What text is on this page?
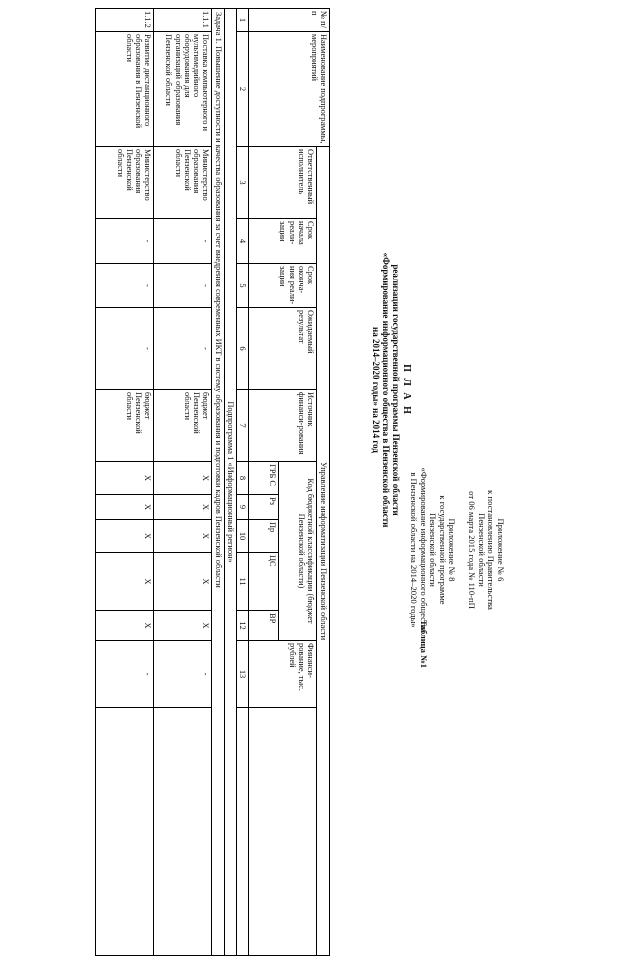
Приложение № 6
к постановлению Правительства
Пензенской области
от 06 марта 2015 года № 110-пП
Приложение № 8
к государственной программе
Пензенской области
«Формирование информационного общества
в Пензенской области на 2014–2020 годы»
Таблица №1
П Л А Н
реализации государственной программы Пензенской области
«Формирование информационного общества в Пензенской области
на 2014–2020 годы» на 2014 год
№ п/п	Наименование подпрограммы, мероприятий	Управление информатизации Пензенской области											
		Ответственный исполнитель	Срок начала реали-зации	Срок оконча-ния реали-зации	Ожидаемый результат	Источник финанси-рования	Код бюджетной классификации (бюджет Пензенской области)					Финанси-рование, тыс. рублей	
							ГРБ С	Рз	Пр	ЦС	ВР		
1	2	3	4	5	6	7	8	9	10	11	12	13	
Подпрограмма 1 «Информационный регион»													
Задача 1. Повышение доступности и качества образования за счет внедрения современных ИКТ в систему образования и подготовки кадров Пензенской области													
1.1.1	Поставка компьютерного и мультимедийного оборудования для организаций образования Пензенской области	Министерство образования Пензенской области	-	-	-	бюджет Пензенской области	Х	Х	Х	Х	Х	-	
1.1.2	Развитие дистанционного образования в Пензенской области	Министерство образования Пензенской области	-	-	-	бюджет Пензенской области	Х	Х	Х	Х	Х	-	
